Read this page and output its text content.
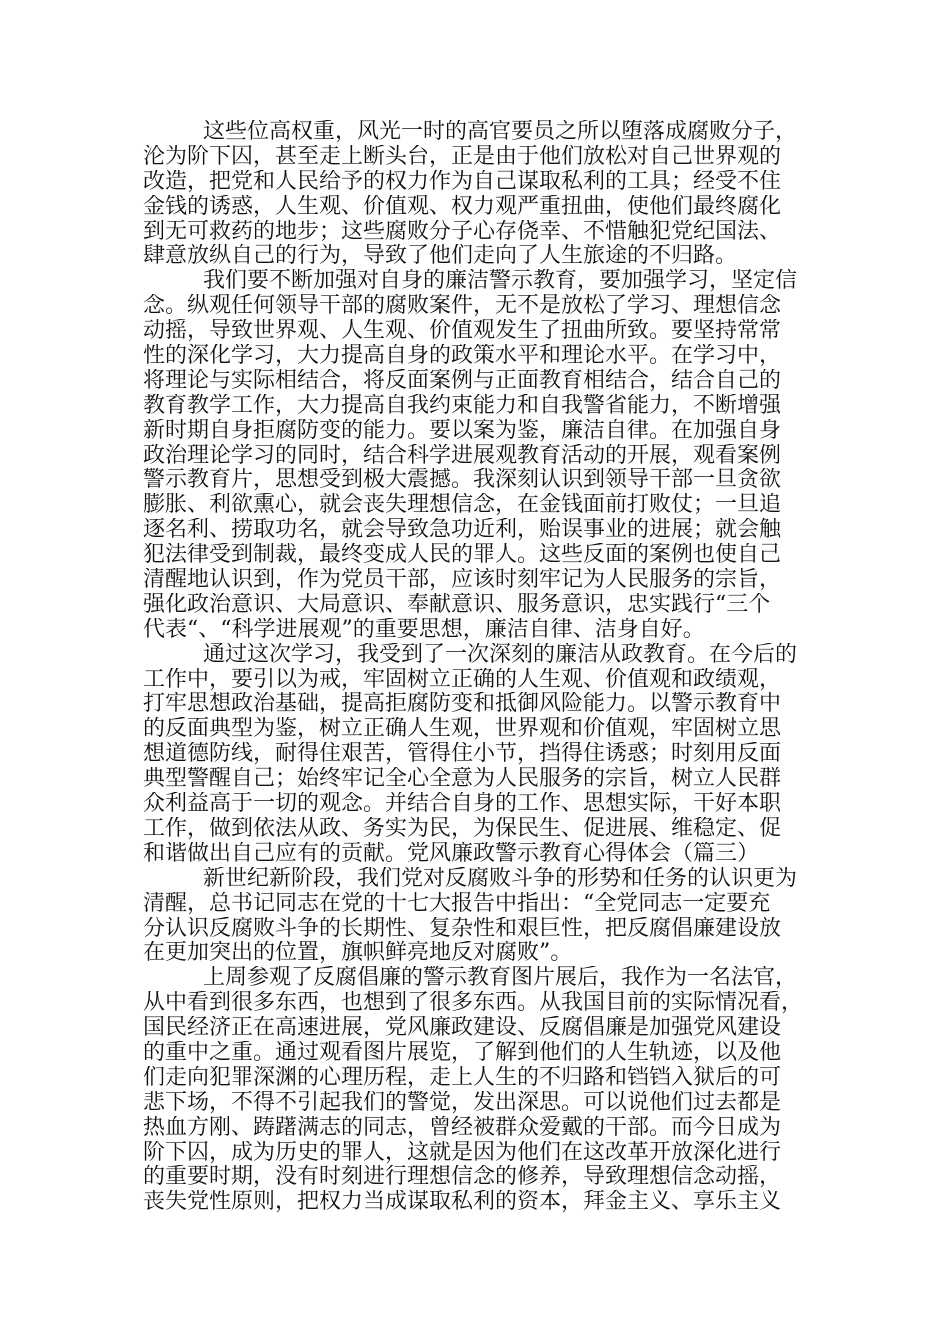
这些位高权重，风光一时的高官要员之所以堕落成腐败分子，
沦为阶下囚，甚至走上断头台，正是由于他们放松对自己世界观的
改造，把党和人民给予的权力作为自己谋取私利的工具；经受不住
金钱的诱惑，人生观、价值观、权力观严重扭曲，使他们最终腐化
到无可救药的地步；这些腐败分子心存侥幸、不惜触犯党纪国法、
肆意放纵自己的行为，导致了他们走向了人生旅途的不归路。
我们要不断加强对自身的廉洁警示教育，要加强学习，坚定信
念。纵观任何领导干部的腐败案件，无不是放松了学习、理想信念
动摇，导致世界观、人生观、价值观发生了扭曲所致。要坚持常常
性的深化学习，大力提高自身的政策水平和理论水平。在学习中，
将理论与实际相结合，将反面案例与正面教育相结合，结合自己的
教育教学工作，大力提高自我约束能力和自我警省能力，不断增强
新时期自身拒腐防变的能力。要以案为鉴，廉洁自律。在加强自身
政治理论学习的同时，结合科学进展观教育活动的开展，观看案例
警示教育片，思想受到极大震撼。我深刻认识到领导干部一旦贪欲
膨胀、利欲熏心，就会丧失理想信念，在金钱面前打败仗；一旦追
逐名利、捞取功名，就会导致急功近利，贻误事业的进展；就会触
犯法律受到制裁，最终变成人民的罪人。这些反面的案例也使自己
清醒地认识到，作为党员干部，应该时刻牢记为人民服务的宗旨，
强化政治意识、大局意识、奉献意识、服务意识，忠实践行“三个
代表“、“科学进展观”的重要思想，廉洁自律、洁身自好。
通过这次学习，我受到了一次深刻的廉洁从政教育。在今后的
工作中，要引以为戒，牢固树立正确的人生观、价值观和政绩观，
打牢思想政治基础，提高拒腐防变和抵御风险能力。以警示教育中
的反面典型为鉴，树立正确人生观，世界观和价值观，牢固树立思
想道德防线，耐得住艰苦，管得住小节，挡得住诱惑；时刻用反面
典型警醒自己；始终牢记全心全意为人民服务的宗旨，树立人民群
众利益高于一切的观念。并结合自身的工作、思想实际，干好本职
工作，做到依法从政、务实为民，为保民生、促进展、维稳定、促
和谐做出自己应有的贡献。党风廉政警示教育心得体会（篇三）
新世纪新阶段，我们党对反腐败斗争的形势和任务的认识更为
清醒，总书记同志在党的十七大报告中指出：“全党同志一定要充
分认识反腐败斗争的长期性、复杂性和艰巨性，把反腐倡廉建设放
在更加突出的位置，旗帜鲜亮地反对腐败”。
上周参观了反腐倡廉的警示教育图片展后，我作为一名法官，
从中看到很多东西，也想到了很多东西。从我国目前的实际情况看，
国民经济正在高速进展，党风廉政建设、反腐倡廉是加强党风建设
的重中之重。通过观看图片展览，了解到他们的人生轨迹，以及他
们走向犯罪深渊的心理历程，走上人生的不归路和铛铛入狱后的可
悲下场，不得不引起我们的警觉，发出深思。可以说他们过去都是
热血方刚、踌躇满志的同志，曾经被群众爱戴的干部。而今日成为
阶下囚，成为历史的罪人，这就是因为他们在这改革开放深化进行
的重要时期，没有时刻进行理想信念的修养，导致理想信念动摇，
丧失党性原则，把权力当成谋取私利的资本，拜金主义、享乐主义
